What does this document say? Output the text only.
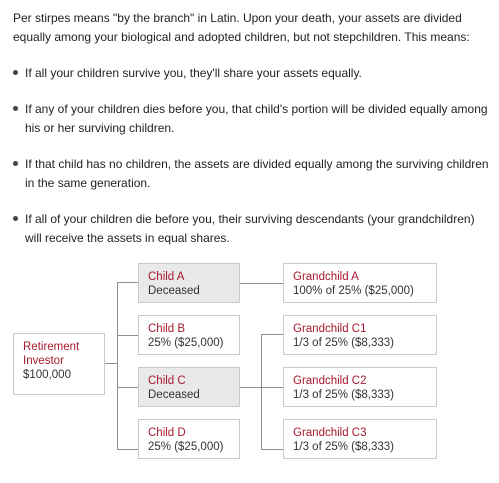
Per stirpes means "by the branch" in Latin. Upon your death, your assets are divided equally among your biological and adopted children, but not stepchildren. This means:

If all your children survive you, they'll share your assets equally.
If any of your children dies before you, that child's portion will be divided equally among his or her surviving children.
If that child has no children, the assets are divided equally among the surviving children in the same generation.
If all of your children die before you, their surviving descendants (your grandchildren) will receive the assets in equal shares.
Retirement
Investor
$100,000
Child A
Deceased
Child B
25% ($25,000)
Child C
Deceased
Child D
25% ($25,000)
Grandchild A
100% of 25% ($25,000)
Grandchild C1
1/3 of 25% ($8,333)
Grandchild C2
1/3 of 25% ($8,333)
Grandchild C3
1/3 of 25% ($8,333)
